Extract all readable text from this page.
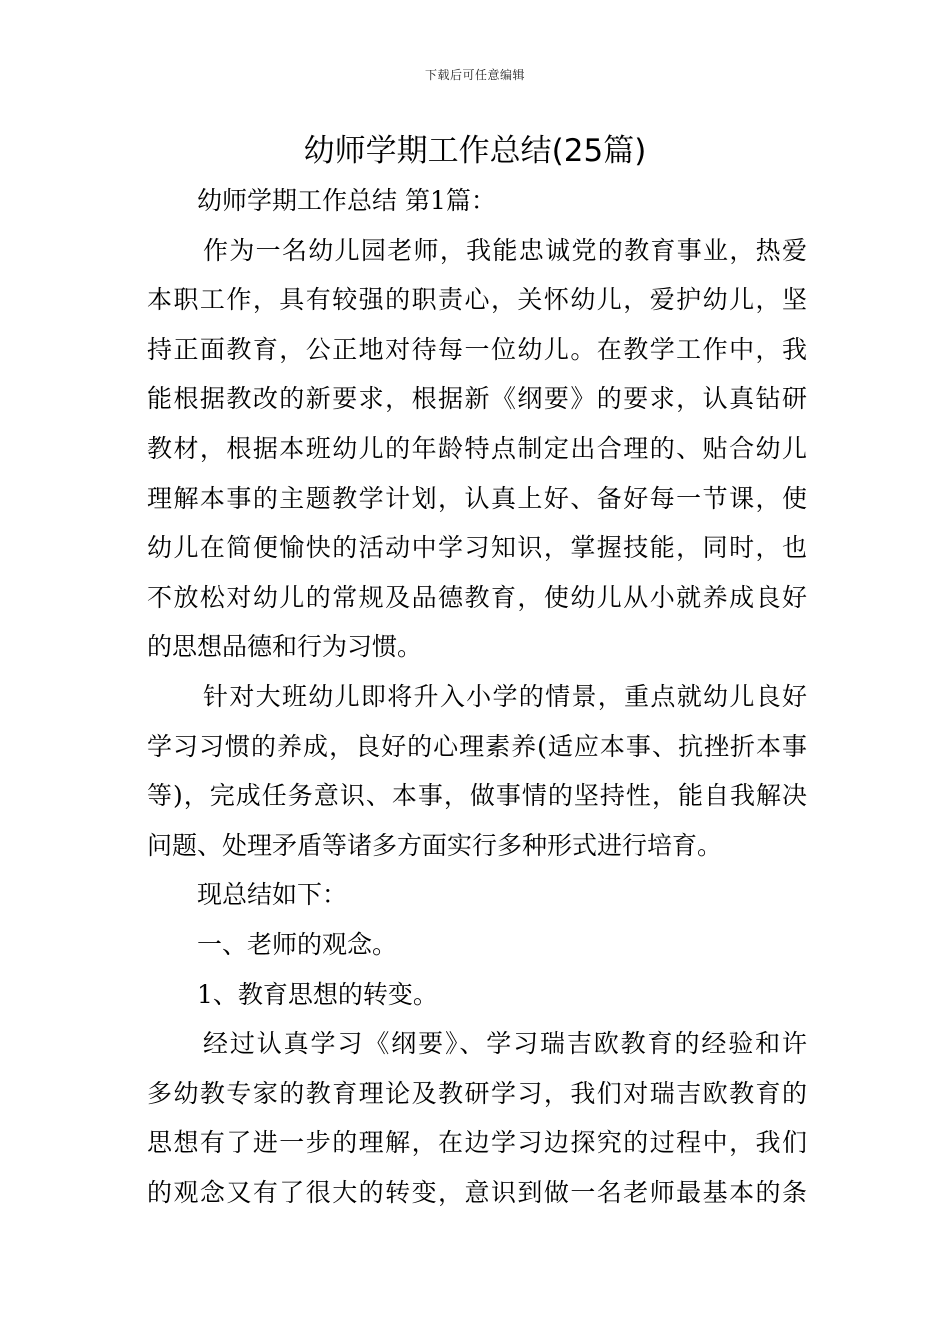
下载后可任意编辑
幼师学期工作总结(25篇)
幼师学期工作总结 第1篇：
作为一名幼儿园老师，我能忠诚党的教育事业，热爱
本职工作，具有较强的职责心，关怀幼儿，爱护幼儿，坚
持正面教育，公正地对待每一位幼儿。在教学工作中，我
能根据教改的新要求，根据新《纲要》的要求，认真钻研
教材，根据本班幼儿的年龄特点制定出合理的、贴合幼儿
理解本事的主题教学计划，认真上好、备好每一节课，使
幼儿在简便愉快的活动中学习知识，掌握技能，同时，也
不放松对幼儿的常规及品德教育，使幼儿从小就养成良好
的思想品德和行为习惯。
针对大班幼儿即将升入小学的情景，重点就幼儿良好
学习习惯的养成，良好的心理素养(适应本事、抗挫折本事
等)，完成任务意识、本事，做事情的坚持性，能自我解决
问题、处理矛盾等诸多方面实行多种形式进行培育。
现总结如下：
一、老师的观念。
1、教育思想的转变。
经过认真学习《纲要》、学习瑞吉欧教育的经验和许
多幼教专家的教育理论及教研学习，我们对瑞吉欧教育的
思想有了进一步的理解，在边学习边探究的过程中，我们
的观念又有了很大的转变，意识到做一名老师最基本的条
